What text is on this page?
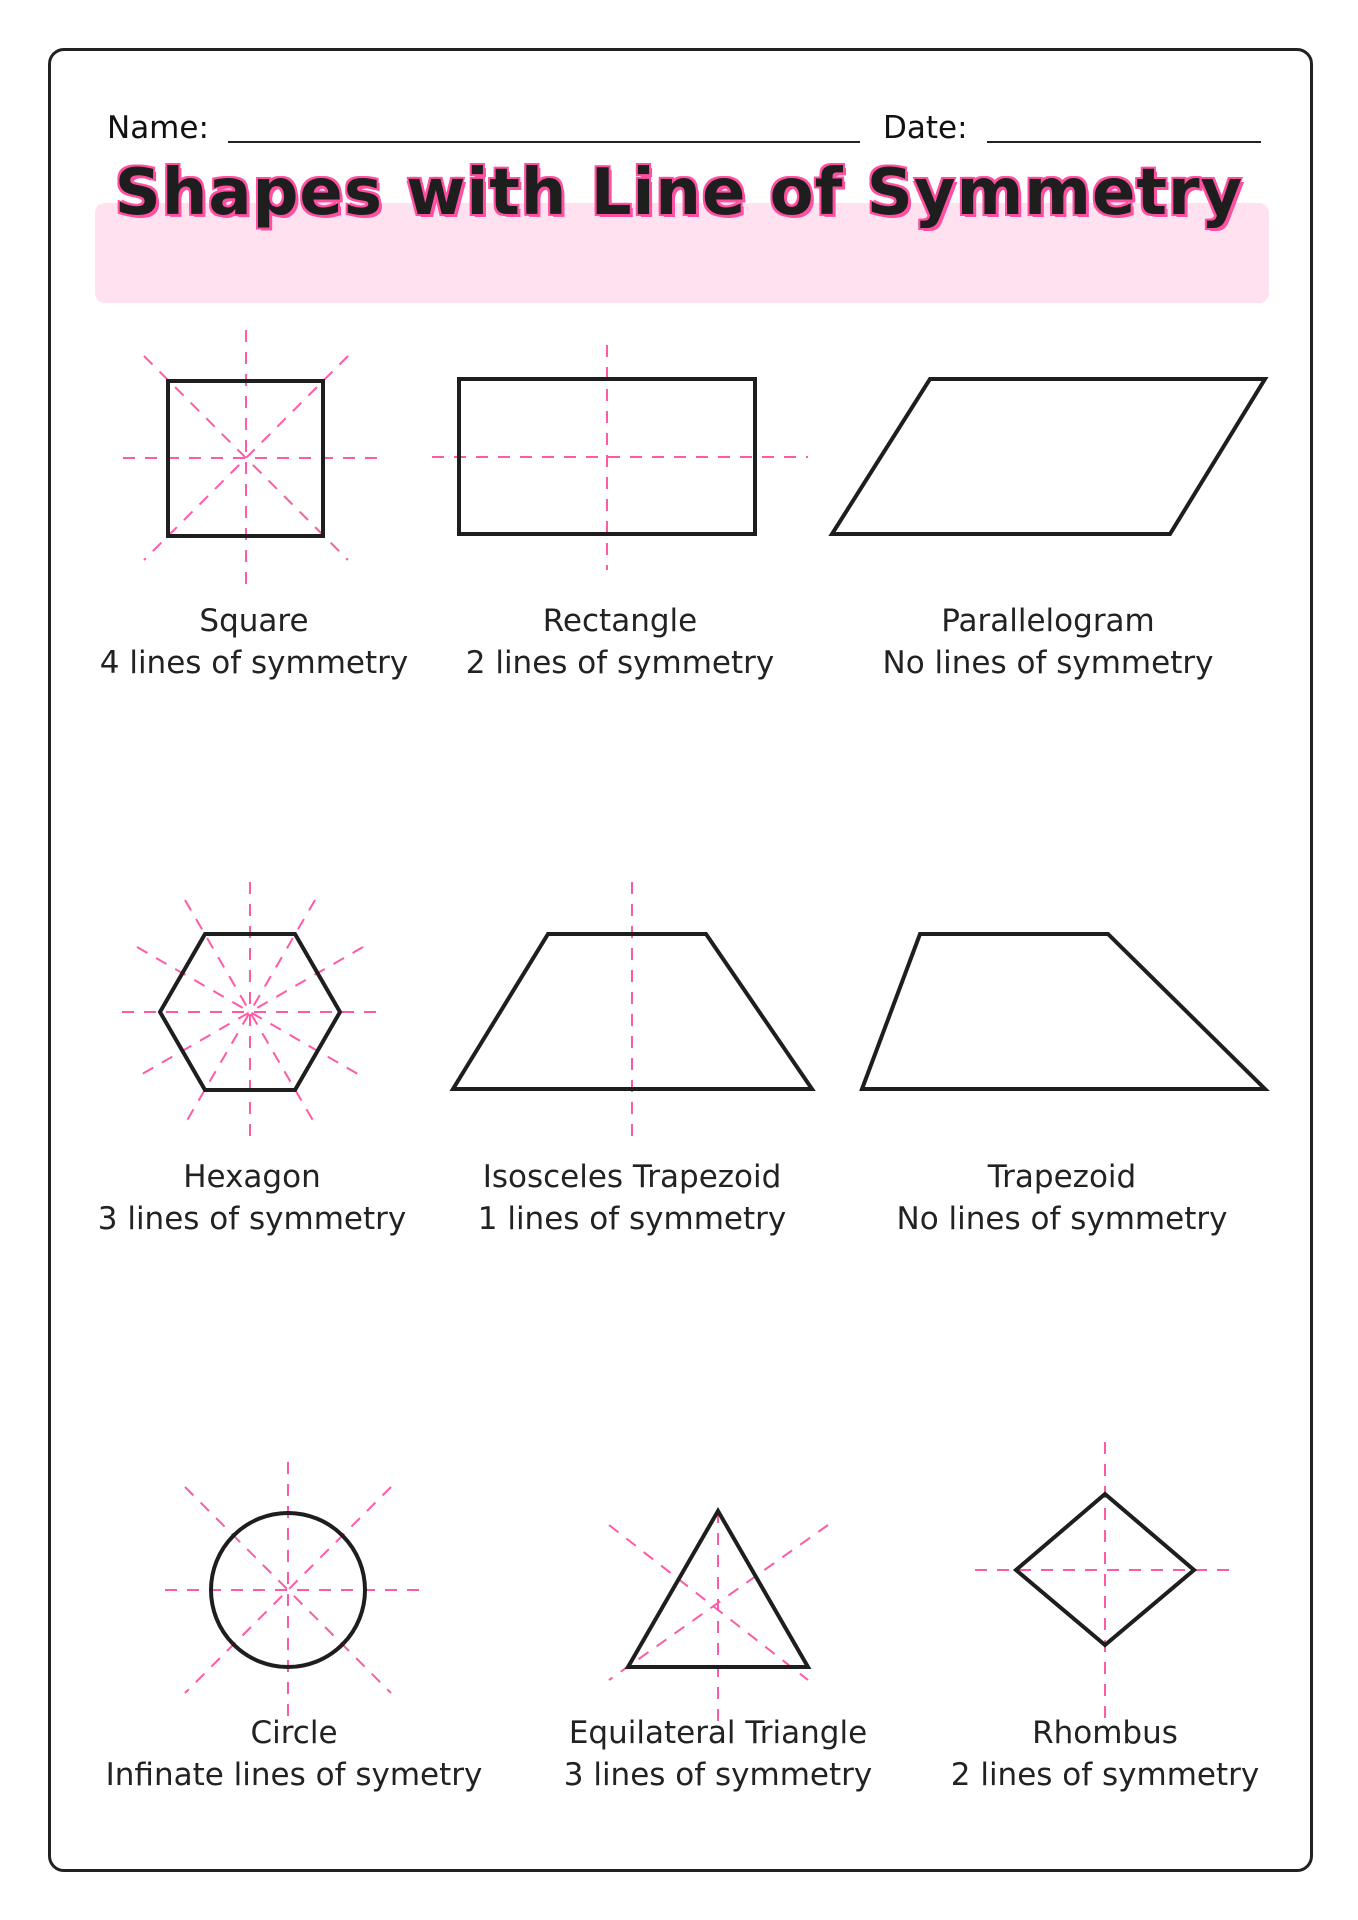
Name:	Date:
Shapes with Line of Symmetry
Square
4 lines of symmetry
Rectangle
2 lines of symmetry
Parallelogram
No lines of symmetry
Hexagon
3 lines of symmetry
Isosceles Trapezoid
1 lines of symmetry
Trapezoid
No lines of symmetry
Circle
Infinate lines of symetry
Equilateral Triangle
3 lines of symmetry
Rhombus
2 lines of symmetry
